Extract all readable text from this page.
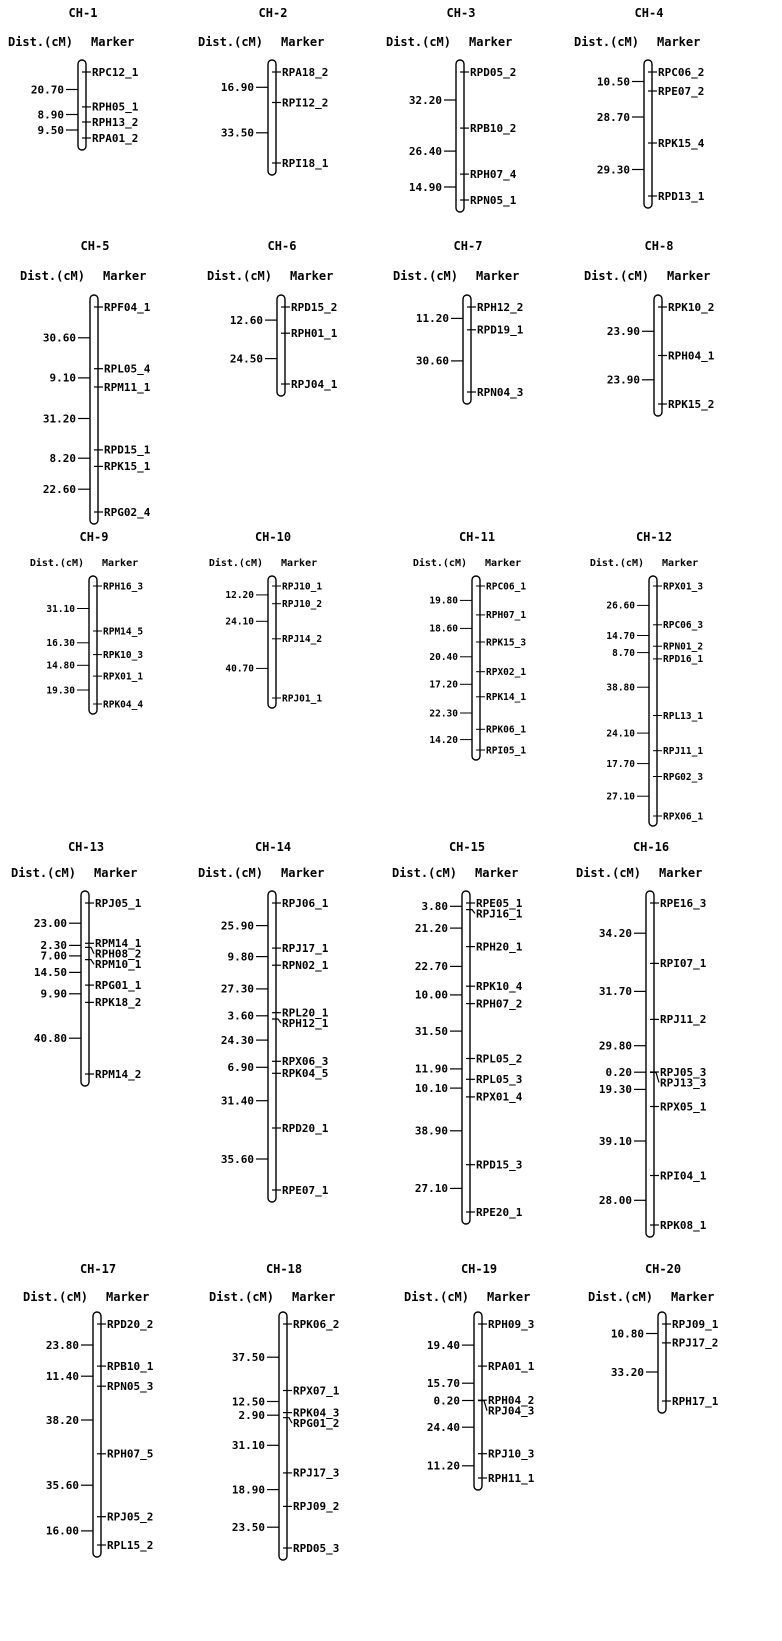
CH-1
Dist.(cM) Marker
RPC12_1
RPH05_1
RPH13_2
RPA01_2
20.70
8.90
9.50
CH-2
Dist.(cM) Marker
RPA18_2
RPI12_2
RPI18_1
16.90
33.50
CH-3
Dist.(cM) Marker
RPD05_2
RPB10_2
RPH07_4
RPN05_1
32.20
26.40
14.90
CH-4
Dist.(cM) Marker
RPC06_2
RPE07_2
RPK15_4
RPD13_1
10.50
28.70
29.30
CH-5
Dist.(cM) Marker
RPF04_1
RPL05_4
RPM11_1
RPD15_1
RPK15_1
RPG02_4
30.60
9.10
31.20
8.20
22.60
CH-6
Dist.(cM) Marker
RPD15_2
RPH01_1
RPJ04_1
12.60
24.50
CH-7
Dist.(cM) Marker
RPH12_2
RPD19_1
RPN04_3
11.20
30.60
CH-8
Dist.(cM) Marker
RPK10_2
RPH04_1
RPK15_2
23.90
23.90
CH-9
Dist.(cM) Marker
RPH16_3
RPM14_5
RPK10_3
RPX01_1
RPK04_4
31.10
16.30
14.80
19.30
CH-10
Dist.(cM) Marker
RPJ10_1
RPJ10_2
RPJ14_2
RPJ01_1
12.20
24.10
40.70
CH-11
Dist.(cM) Marker
RPC06_1
RPH07_1
RPK15_3
RPX02_1
RPK14_1
RPK06_1
RPI05_1
19.80
18.60
20.40
17.20
22.30
14.20
CH-12
Dist.(cM) Marker
RPX01_3
RPC06_3
RPN01_2
RPD16_1
RPL13_1
RPJ11_1
RPG02_3
RPX06_1
26.60
14.70
8.70
38.80
24.10
17.70
27.10
CH-13
Dist.(cM) Marker
RPJ05_1
RPM14_1
RPH08_2
RPM10_1
RPG01_1
RPK18_2
RPM14_2
23.00
2.30
7.00
14.50
9.90
40.80
CH-14
Dist.(cM) Marker
RPJ06_1
RPJ17_1
RPN02_1
RPL20_1
RPH12_1
RPX06_3
RPK04_5
RPD20_1
RPE07_1
25.90
9.80
27.30
3.60
24.30
6.90
31.40
35.60
CH-15
Dist.(cM) Marker
RPE05_1
RPJ16_1
RPH20_1
RPK10_4
RPH07_2
RPL05_2
RPL05_3
RPX01_4
RPD15_3
RPE20_1
3.80
21.20
22.70
10.00
31.50
11.90
10.10
38.90
27.10
CH-16
Dist.(cM) Marker
RPE16_3
RPI07_1
RPJ11_2
RPJ05_3
RPJ13_3
RPX05_1
RPI04_1
RPK08_1
34.20
31.70
29.80
0.20
19.30
39.10
28.00
CH-17
Dist.(cM) Marker
RPD20_2
RPB10_1
RPN05_3
RPH07_5
RPJ05_2
RPL15_2
23.80
11.40
38.20
35.60
16.00
CH-18
Dist.(cM) Marker
RPK06_2
RPX07_1
RPK04_3
RPG01_2
RPJ17_3
RPJ09_2
RPD05_3
37.50
12.50
2.90
31.10
18.90
23.50
CH-19
Dist.(cM) Marker
RPH09_3
RPA01_1
RPH04_2
RPJ04_3
RPJ10_3
RPH11_1
19.40
15.70
0.20
24.40
11.20
CH-20
Dist.(cM) Marker
RPJ09_1
RPJ17_2
RPH17_1
10.80
33.20
